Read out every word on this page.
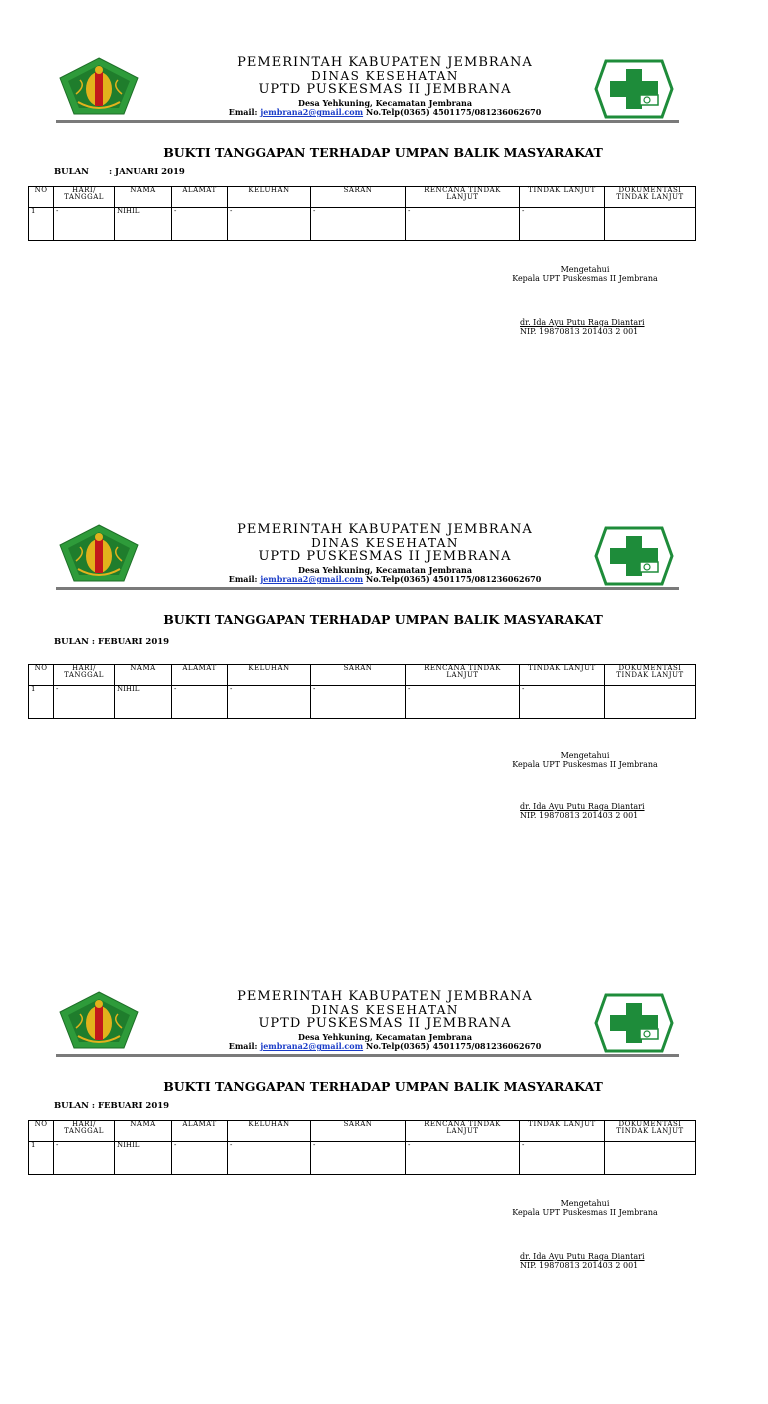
PEMERINTAH KABUPATEN JEMBRANA
DINAS KESEHATAN
UPTD PUSKESMAS II JEMBRANA
Desa Yehkuning, Kecamatan Jembrana
Email: jembrana2@gmail.com No.Telp(0365) 4501175/081236062670
BUKTI TANGGAPAN TERHADAP UMPAN BALIK MASYARAKAT
BULAN : JANUARI 2019
NO	HARI/ TANGGAL	NAMA	ALAMAT	KELUHAN	SARAN	RENCANA TINDAK LANJUT	TINDAK LANJUT	DOKUMENTASI TINDAK LANJUT
1	-	NIHIL	-	-	-	-	-	
Mengetahui
Kepala UPT Puskesmas II Jembrana
dr. Ida Ayu Putu Raga Diantari
NIP. 19870813 201403 2 001
PEMERINTAH KABUPATEN JEMBRANA
DINAS KESEHATAN
UPTD PUSKESMAS II JEMBRANA
Desa Yehkuning, Kecamatan Jembrana
Email: jembrana2@gmail.com No.Telp(0365) 4501175/081236062670
BUKTI TANGGAPAN TERHADAP UMPAN BALIK MASYARAKAT
BULAN : FEBUARI 2019
NO	HARI/ TANGGAL	NAMA	ALAMAT	KELUHAN	SARAN	RENCANA TINDAK LANJUT	TINDAK LANJUT	DOKUMENTASI TINDAK LANJUT
1	-	NIHIL	-	-	-	-	-	
Mengetahui
Kepala UPT Puskesmas II Jembrana
dr. Ida Ayu Putu Raga Diantari
NIP. 19870813 201403 2 001
PEMERINTAH KABUPATEN JEMBRANA
DINAS KESEHATAN
UPTD PUSKESMAS II JEMBRANA
Desa Yehkuning, Kecamatan Jembrana
Email: jembrana2@gmail.com No.Telp(0365) 4501175/081236062670
BUKTI TANGGAPAN TERHADAP UMPAN BALIK MASYARAKAT
BULAN : FEBUARI 2019
NO	HARI/ TANGGAL	NAMA	ALAMAT	KELUHAN	SARAN	RENCANA TINDAK LANJUT	TINDAK LANJUT	DOKUMENTASI TINDAK LANJUT
1	-	NIHIL	-	-	-	-	-	
Mengetahui
Kepala UPT Puskesmas II Jembrana
dr. Ida Ayu Putu Raga Diantari
NIP. 19870813 201403 2 001
